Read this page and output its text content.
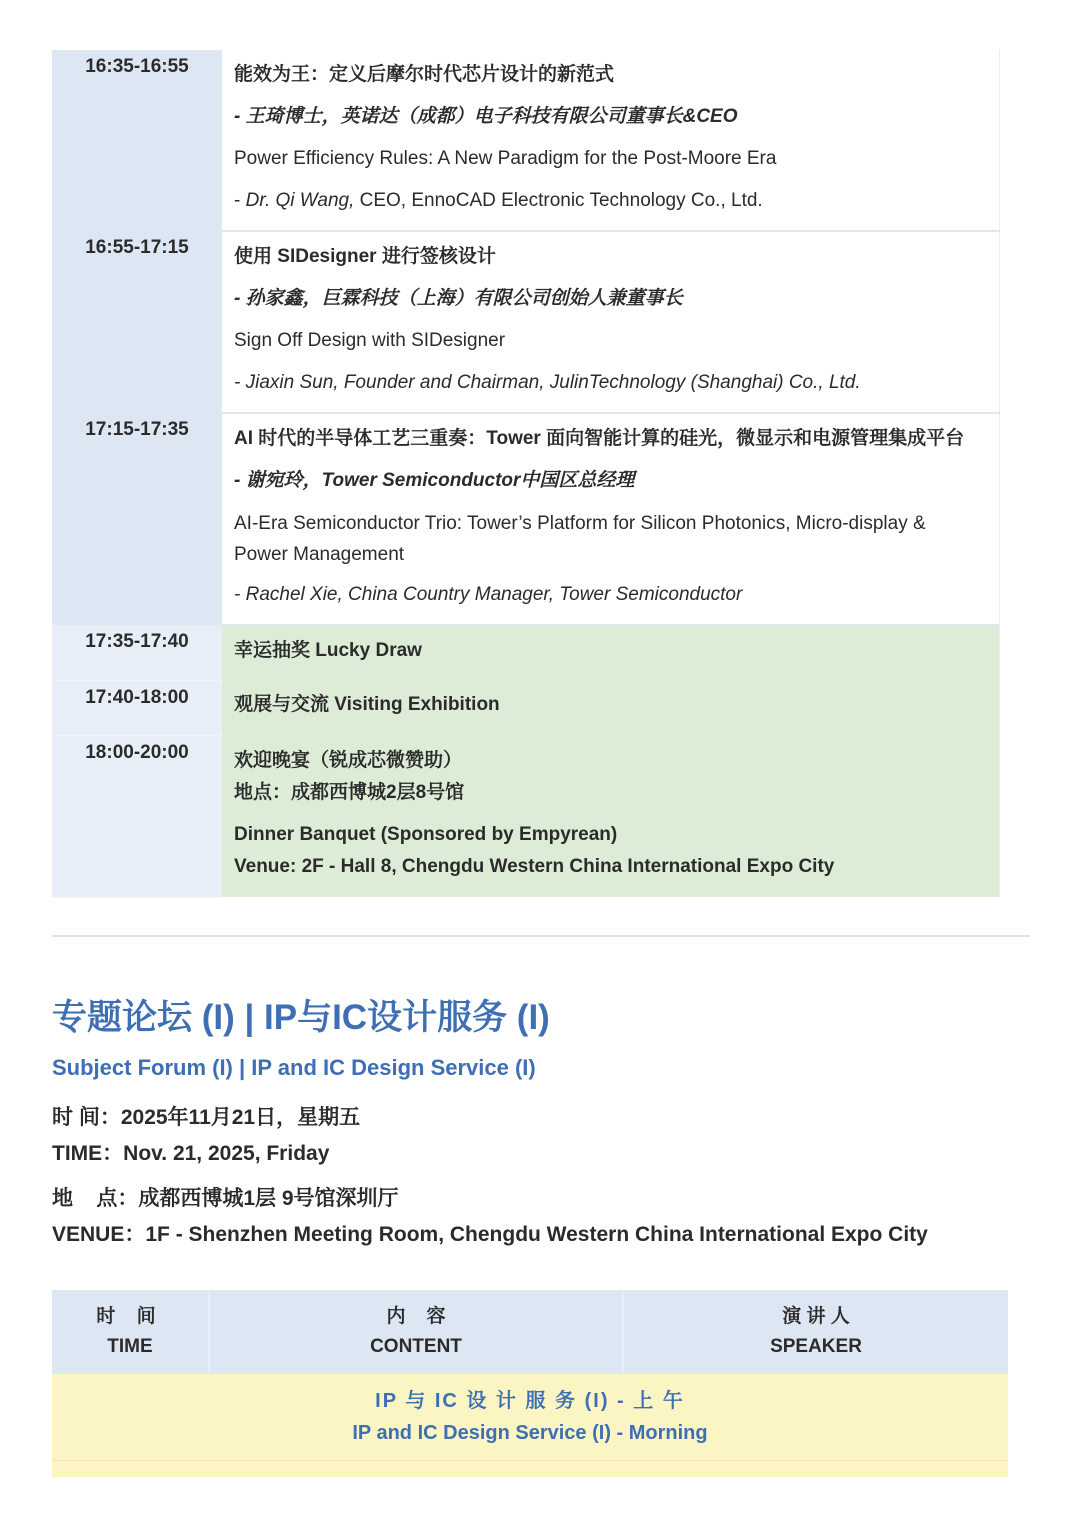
16:35-16:55	能效为王：定义后摩尔时代芯片设计的新范式
- 王琦博士，英诺达（成都）电子科技有限公司董事长&CEO
Power Efficiency Rules: A New Paradigm for the Post-Moore Era
- Dr. Qi Wang, CEO, EnnoCAD Electronic Technology Co., Ltd.

16:55-17:15	使用 SIDesigner 进行签核设计
- 孙家鑫，巨霖科技（上海）有限公司创始人兼董事长
Sign Off Design with SIDesigner
- Jiaxin Sun, Founder and Chairman, JulinTechnology (Shanghai) Co., Ltd.

17:15-17:35	AI 时代的半导体工艺三重奏：Tower 面向智能计算的硅光，微显示和电源管理集成平台
- 谢宛玲，Tower Semiconductor中国区总经理
AI-Era Semiconductor Trio: Tower’s Platform for Silicon Photonics, Micro-display & Power Management
- Rachel Xie, China Country Manager, Tower Semiconductor

17:35-17:40	幸运抽奖 Lucky Draw

17:40-18:00	观展与交流 Visiting Exhibition

18:00-20:00	欢迎晚宴（锐成芯微赞助）
地点：成都西博城2层8号馆
Dinner Banquet (Sponsored by Empyrean)
Venue: 2F - Hall 8, Chengdu Western China International Expo City
专题论坛 (I) | IP与IC设计服务 (I)
Subject Forum (I) | IP and IC Design Service (I)
时 间：2025年11月21日，星期五
TIME：Nov. 21, 2025, Friday
地    点：成都西博城1层 9号馆深圳厅
VENUE：1F - Shenzhen Meeting Room, Chengdu Western China International Expo City
时 间
TIME

内    容
CONTENT

演 讲 人
SPEAKER

IP 与 IC 设 计 服 务 (I) - 上 午
IP and IC Design Service (I) - Morning
